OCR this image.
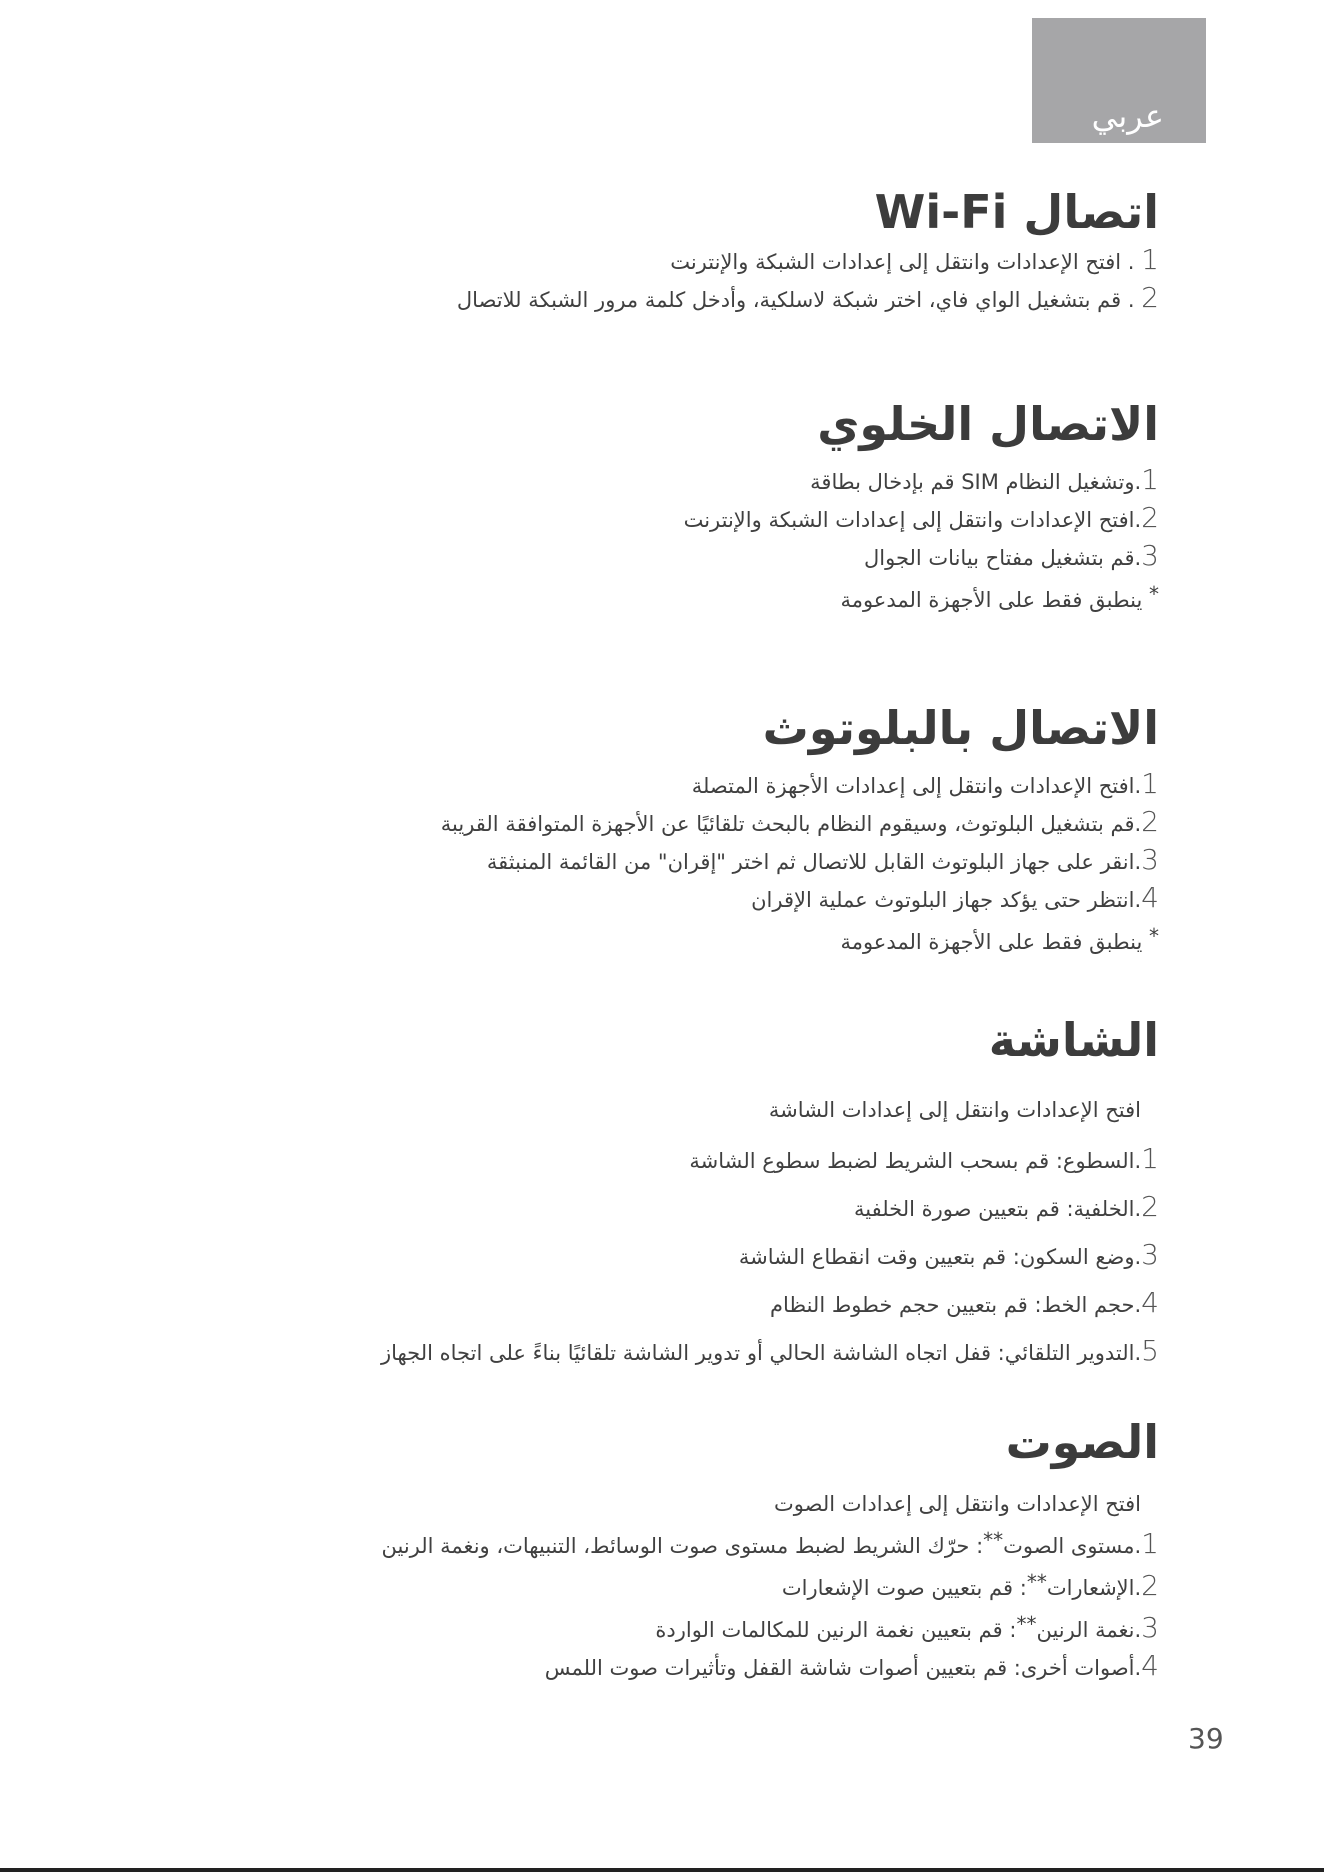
عربي
اتصال Wi-Fi
1 . افتح الإعدادات وانتقل إلى إعدادات الشبكة والإنترنت
2 . قم بتشغيل الواي فاي، اختر شبكة لاسلكية، وأدخل كلمة مرور الشبكة للاتصال
الاتصال الخلوي
1.وتشغيل النظام SIM قم بإدخال بطاقة
2.افتح الإعدادات وانتقل إلى إعدادات الشبكة والإنترنت
3.قم بتشغيل مفتاح بيانات الجوال
* ينطبق فقط على الأجهزة المدعومة
الاتصال بالبلوتوث
1.افتح الإعدادات وانتقل إلى إعدادات الأجهزة المتصلة
2.قم بتشغيل البلوتوث، وسيقوم النظام بالبحث تلقائيًا عن الأجهزة المتوافقة القريبة
3.انقر على جهاز البلوتوث القابل للاتصال ثم اختر "إقران" من القائمة المنبثقة
4.انتظر حتى يؤكد جهاز البلوتوث عملية الإقران
* ينطبق فقط على الأجهزة المدعومة
الشاشة
افتح الإعدادات وانتقل إلى إعدادات الشاشة
1.السطوع: قم بسحب الشريط لضبط سطوع الشاشة
2.الخلفية: قم بتعيين صورة الخلفية
3.وضع السكون: قم بتعيين وقت انقطاع الشاشة
4.حجم الخط: قم بتعيين حجم خطوط النظام
5.التدوير التلقائي: قفل اتجاه الشاشة الحالي أو تدوير الشاشة تلقائيًا بناءً على اتجاه الجهاز
الصوت
افتح الإعدادات وانتقل إلى إعدادات الصوت
1.مستوى الصوت**: حرّك الشريط لضبط مستوى صوت الوسائط، التنبيهات، ونغمة الرنين
2.الإشعارات**: قم بتعيين صوت الإشعارات
3.نغمة الرنين**: قم بتعيين نغمة الرنين للمكالمات الواردة
4.أصوات أخرى: قم بتعيين أصوات شاشة القفل وتأثيرات صوت اللمس
39
